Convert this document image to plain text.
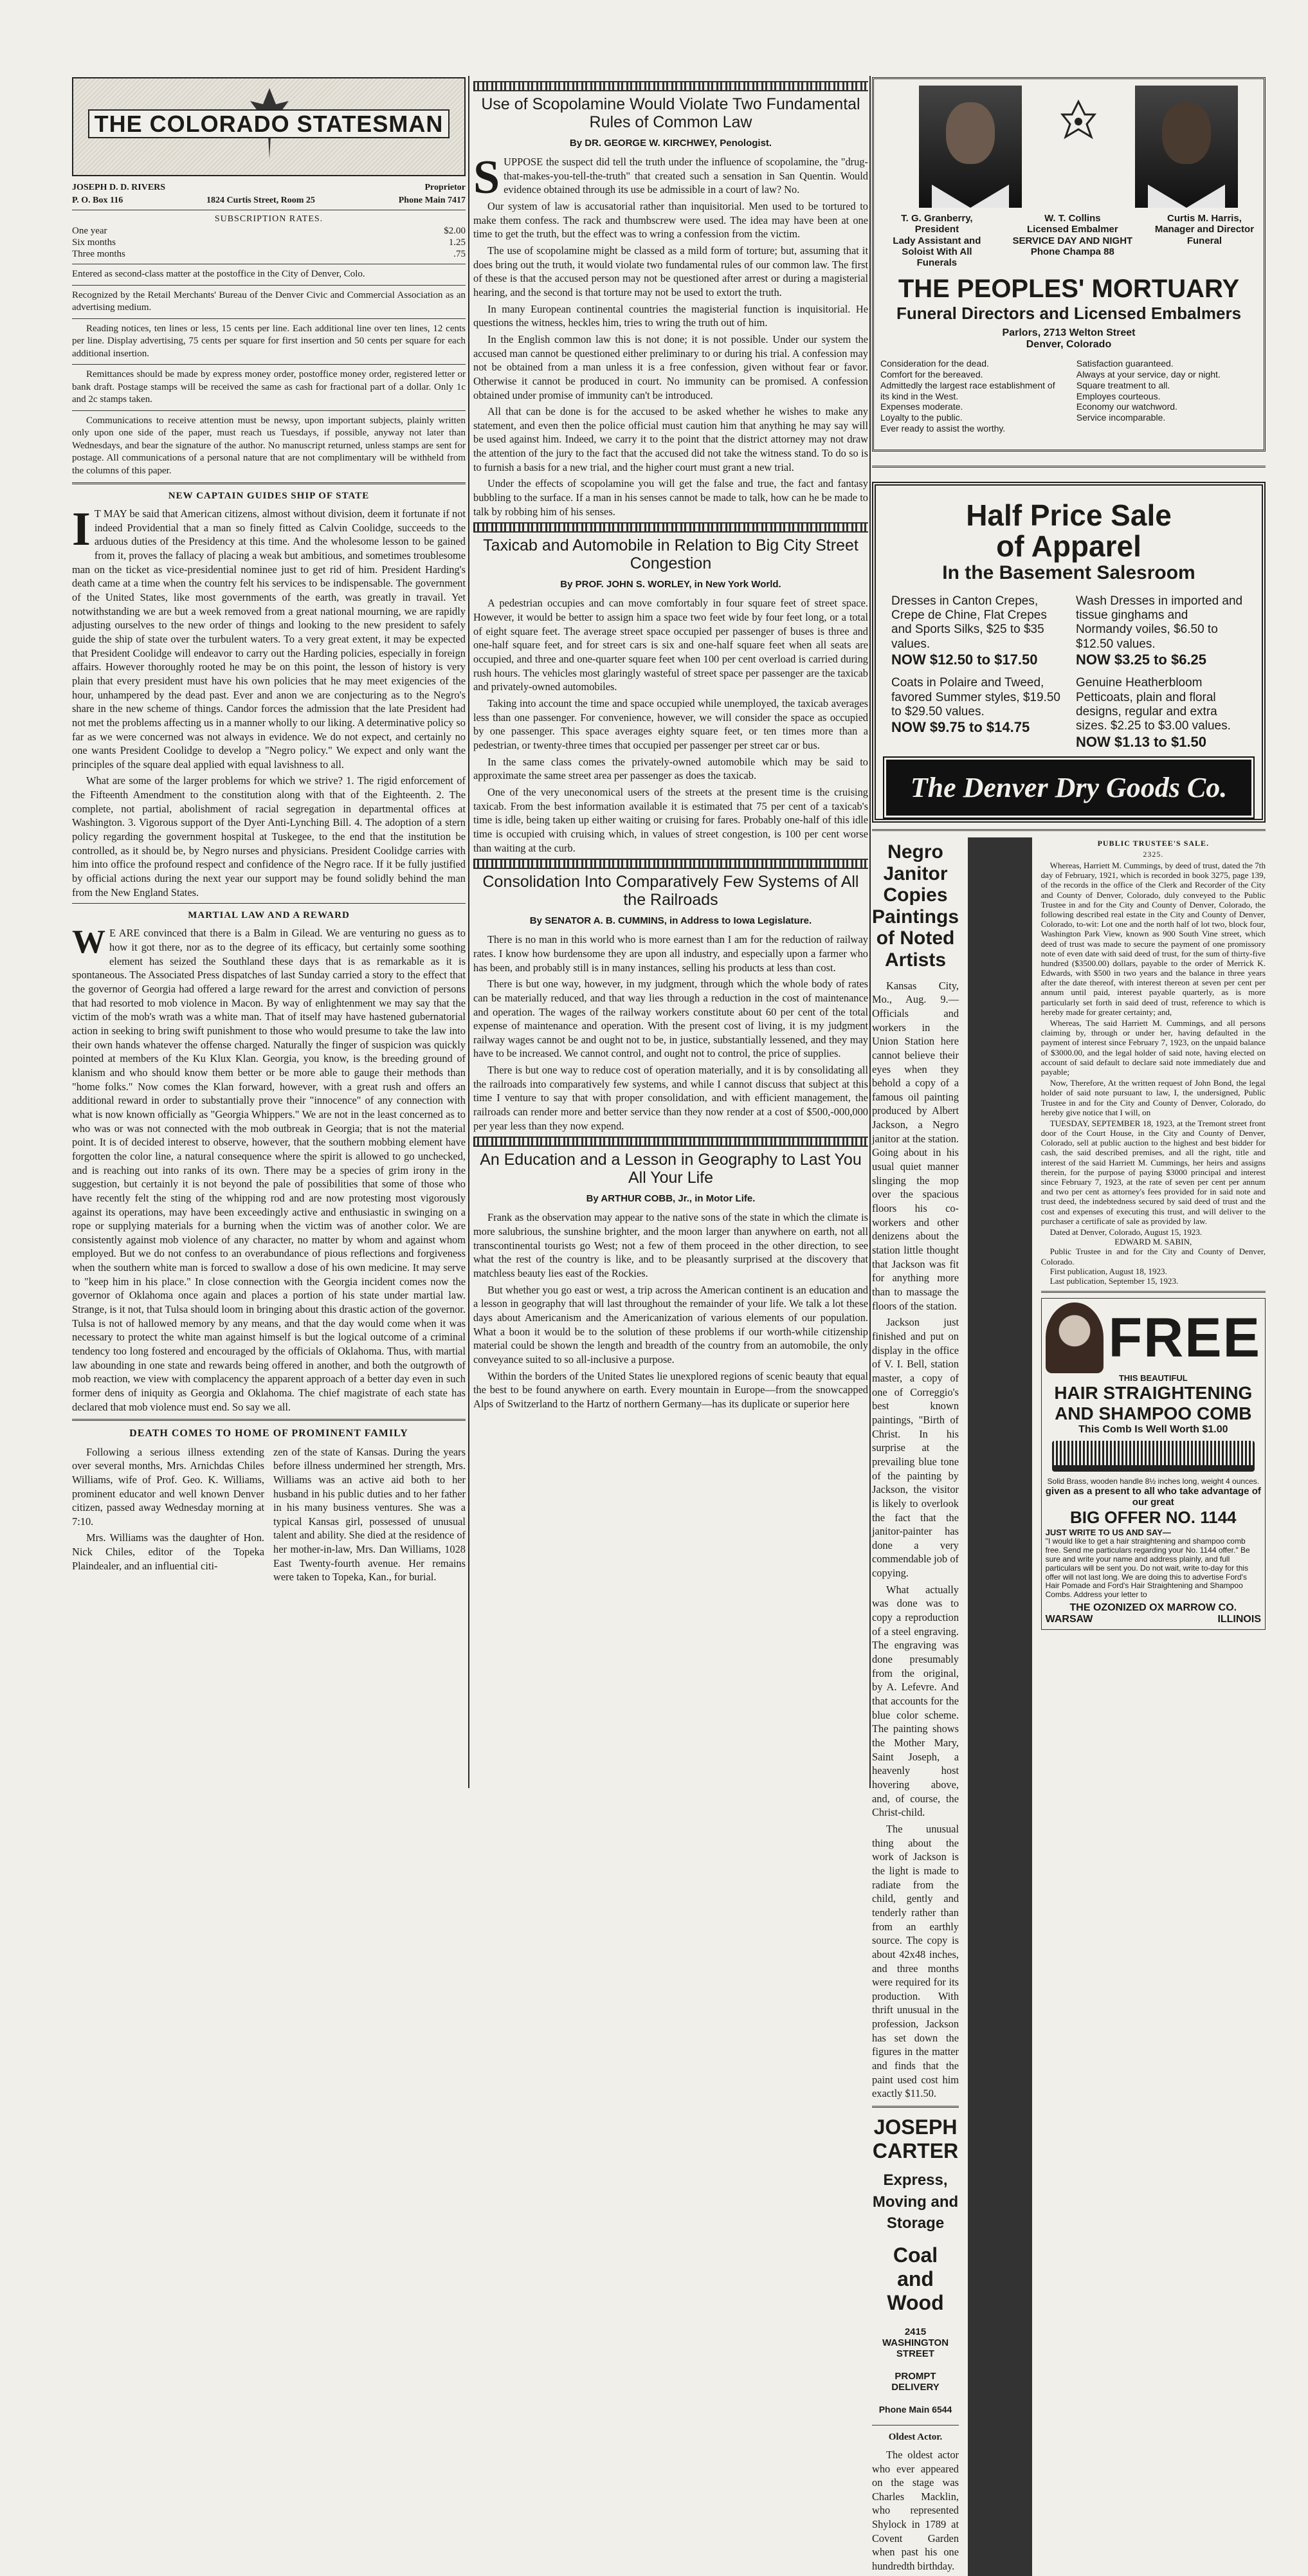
THE COLORADO STATESMAN
JOSEPH D. D. RIVERS	Proprietor
P. O. Box 116	1824 Curtis Street, Room 25	Phone Main 7417
SUBSCRIPTION RATES.
One year	$2.00
Six months	1.25
Three months	.75

Entered as second-class matter at the postoffice in the City of Denver, Colo.

Recognized by the Retail Merchants' Bureau of the Denver Civic and Commercial Association as an advertising medium.

Reading notices, ten lines or less, 15 cents per line. Each additional line over ten lines, 12 cents per line. Display advertising, 75 cents per square for first insertion and 50 cents per square for each additional insertion.

Remittances should be made by express money order, postoffice money order, registered letter or bank draft. Postage stamps will be received the same as cash for fractional part of a dollar. Only 1c and 2c stamps taken.

Communications to receive attention must be newsy, upon important subjects, plainly written only upon one side of the paper, must reach us Tuesdays, if possible, anyway not later than Wednesdays, and bear the signature of the author. No manuscript returned, unless stamps are sent for postage. All communications of a personal nature that are not complimentary will be withheld from the columns of this paper.

NEW CAPTAIN GUIDES SHIP OF STATE

I T MAY be said that American citizens, almost without division, deem it fortunate if not indeed Providential that a man so finely fitted as Calvin Coolidge, succeeds to the arduous duties of the Presidency at this time. And the wholesome lesson to be gained from it, proves the fallacy of placing a weak but ambitious, and sometimes troublesome man on the ticket as vice-presidential nominee just to get rid of him. President Harding's death came at a time when the country felt his services to be indispensable. The government of the United States, like most governments of the earth, was greatly in travail. Yet notwithstanding we are but a week removed from a great national mourning, we are rapidly adjusting ourselves to the new order of things and looking to the new president to safely guide the ship of state over the turbulent waters. To a very great extent, it may be expected that President Coolidge will endeavor to carry out the Harding policies, especially in foreign affairs. However thoroughly rooted he may be on this point, the lesson of history is very plain that every president must have his own policies that he may meet exigencies of the hour, unhampered by the dead past. Ever and anon we are conjecturing as to the Negro's share in the new scheme of things. Candor forces the admission that the late President had not met the problems affecting us in a manner wholly to our liking. A determinative policy so far as we were concerned was not always in evidence. We do not expect, and certainly no one wants President Coolidge to develop a "Negro policy." We expect and only want the principles of the square deal applied with equal lavishness to all.

What are some of the larger problems for which we strive? 1. The rigid enforcement of the Fifteenth Amendment to the constitution along with that of the Eighteenth. 2. The complete, not partial, abolishment of racial segregation in departmental offices at Washington. 3. Vigorous support of the Dyer Anti-Lynching Bill. 4. The adoption of a stern policy regarding the government hospital at Tuskegee, to the end that the institution be controlled, as it should be, by Negro nurses and physicians. President Coolidge carries with him into office the profound respect and confidence of the Negro race. If it be fully justified by official actions during the next year our support may be found solidly behind the man from the New England States.

MARTIAL LAW AND A REWARD

W E ARE convinced that there is a Balm in Gilead. We are venturing no guess as to how it got there, nor as to the degree of its efficacy, but certainly some soothing element has seized the Southland these days that is as remarkable as it is spontaneous. The Associated Press dispatches of last Sunday carried a story to the effect that the governor of Georgia had offered a large reward for the arrest and conviction of persons that had resorted to mob violence in Macon. By way of enlightenment we may say that the victim of the mob's wrath was a white man. That of itself may have hastened gubernatorial action in seeking to bring swift punishment to those who would presume to take the law into their own hands whatever the offense charged. Naturally the finger of suspicion was quickly pointed at members of the Ku Klux Klan. Georgia, you know, is the breeding ground of klanism and who should know them better or be more able to gauge their methods than "home folks." Now comes the Klan forward, however, with a great rush and offers an additional reward in order to substantially prove their "innocence" of any connection with what is now known officially as "Georgia Whippers." We are not in the least concerned as to who was or was not connected with the mob outbreak in Georgia; that is not the material point. It is of decided interest to observe, however, that the southern mobbing element have forgotten the color line, a natural consequence where the spirit is allowed to go unchecked, and is reaching out into ranks of its own. There may be a species of grim irony in the suggestion, but certainly it is not beyond the pale of possibilities that some of those who have recently felt the sting of the whipping rod and are now protesting most vigorously against its operations, may have been exceedingly active and enthusiastic in swinging on a rope or supplying materials for a burning when the victim was of another color. We are consistently against mob violence of any character, no matter by whom and against whom employed. But we do not confess to an overabundance of pious reflections and forgiveness when the southern white man is forced to swallow a dose of his own medicine. It may serve to "keep him in his place." In close connection with the Georgia incident comes now the governor of Oklahoma once again and places a portion of his state under martial law. Strange, is it not, that Tulsa should loom in bringing about this drastic action of the governor. Tulsa is not of hallowed memory by any means, and that the day would come when it was necessary to protect the white man against himself is but the logical outcome of a criminal tendency too long fostered and encouraged by the officials of Oklahoma. Thus, with martial law abounding in one state and rewards being offered in another, and both the outgrowth of mob reaction, we view with complacency the apparent approach of a better day even in such former dens of iniquity as Georgia and Oklahoma. The chief magistrate of each state has declared that mob violence must end. So say we all.

DEATH COMES TO HOME OF PROMINENT FAMILY

Following a serious illness extending over several months, Mrs. Arnichdas Chiles Williams, wife of Prof. Geo. K. Williams, prominent educator and well known Denver citizen, passed away Wednesday morning at 7:10.

Mrs. Williams was the daughter of Hon. Nick Chiles, editor of the Topeka Plaindealer, and an influential citi-

zen of the state of Kansas. During the years before illness undermined her strength, Mrs. Williams was an active aid both to her husband in his public duties and to her father in his many business ventures. She was a typical Kansas girl, possessed of unusual talent and ability. She died at the residence of her mother-in-law, Mrs. Dan Williams, 1028 East Twenty-fourth avenue. Her remains were taken to Topeka, Kan., for burial.

Use of Scopolamine Would Violate Two Fundamental Rules of Common Law
By DR. GEORGE W. KIRCHWEY, Penologist.

SUPPOSE the suspect did tell the truth under the influence of scopolamine, the "drug-that-makes-you-tell-the-truth" that created such a sensation in San Quentin. Would evidence obtained through its use be admissible in a court of law? No.

Our system of law is accusatorial rather than inquisitorial. Men used to be tortured to make them confess. The rack and thumbscrew were used. The idea may have been at one time to get the truth, but the effect was to wring a confession from the victim.

The use of scopolamine might be classed as a mild form of torture; but, assuming that it does bring out the truth, it would violate two fundamental rules of our common law. The first of these is that the accused person may not be questioned after arrest or during a magisterial hearing, and the second is that torture may not be used to extort the truth.

In many European continental countries the magisterial function is inquisitorial. He questions the witness, heckles him, tries to wring the truth out of him.

In the English common law this is not done; it is not possible. Under our system the accused man cannot be questioned either preliminary to or during his trial. A confession may not be obtained from a man unless it is a free confession, given without fear or favor. Otherwise it cannot be produced in court. No immunity can be promised. A confession obtained under promise of immunity can't be introduced.

All that can be done is for the accused to be asked whether he wishes to make any statement, and even then the police official must caution him that anything he may say will be used against him. Indeed, we carry it to the point that the district attorney may not draw the attention of the jury to the fact that the accused did not take the witness stand. To do so is to furnish a basis for a new trial, and the higher court must grant a new trial.

Under the effects of scopolamine you will get the false and true, the fact and fantasy bubbling to the surface. If a man in his senses cannot be made to talk, how can he be made to talk by robbing him of his senses.

Taxicab and Automobile in Relation to Big City Street Congestion
By PROF. JOHN S. WORLEY, in New York World.

A pedestrian occupies and can move comfortably in four square feet of street space. However, it would be better to assign him a space two feet wide by four feet long, or a total of eight square feet. The average street space occupied per passenger of buses is three and one-half square feet, and for street cars is six and one-half square feet when all seats are occupied, and three and one-quarter square feet when 100 per cent overload is carried during rush hours. The vehicles most glaringly wasteful of street space per passenger are the taxicab and privately-owned automobiles.

Taking into account the time and space occupied while unemployed, the taxicab averages less than one passenger. For convenience, however, we will consider the space as occupied by one passenger. This space averages eighty square feet, or ten times more than a pedestrian, or twenty-three times that occupied per passenger per street car or bus.

In the same class comes the privately-owned automobile which may be said to approximate the same street area per passenger as does the taxicab.

One of the very uneconomical users of the streets at the present time is the cruising taxicab. From the best information available it is estimated that 75 per cent of a taxicab's time is idle, being taken up either waiting or cruising for fares. Probably one-half of this idle time is occupied with cruising which, in values of street congestion, is 100 per cent worse than waiting at the curb.

Consolidation Into Comparatively Few Systems of All the Railroads
By SENATOR A. B. CUMMINS, in Address to Iowa Legislature.

There is no man in this world who is more earnest than I am for the reduction of railway rates. I know how burdensome they are upon all industry, and especially upon a farmer who has been, and probably still is in many instances, selling his products at less than cost.

There is but one way, however, in my judgment, through which the whole body of rates can be materially reduced, and that way lies through a reduction in the cost of maintenance and operation. The wages of the railway workers constitute about 60 per cent of the total expense of maintenance and operation. With the present cost of living, it is my judgment railway wages cannot be and ought not to be, in justice, substantially lessened, and they may have to be increased. We cannot control, and ought not to control, the price of supplies.

There is but one way to reduce cost of operation materially, and it is by consolidating all the railroads into comparatively few systems, and while I cannot discuss that subject at this time I venture to say that with proper consolidation, and with efficient management, the railroads can render more and better service than they now render at a cost of $500,-000,000 per year less than they now expend.

An Education and a Lesson in Geography to Last You All Your Life
By ARTHUR COBB, Jr., in Motor Life.

Frank as the observation may appear to the native sons of the state in which the climate is more salubrious, the sunshine brighter, and the moon larger than anywhere on earth, not all transcontinental tourists go West; not a few of them proceed in the other direction, to see what the rest of the country is like, and to be pleasantly surprised at the discovery that matchless beauty lies east of the Rockies.

But whether you go east or west, a trip across the American continent is an education and a lesson in geography that will last throughout the remainder of your life. We talk a lot these days about Americanism and the Americanization of various elements of our population. What a boon it would be to the solution of these problems if our worth-while citizenship material could be shown the length and breadth of the country from an automobile, the only conveyance suited to so all-inclusive a purpose.

Within the borders of the United States lie unexplored regions of scenic beauty that equal the best to be found anywhere on earth. Every mountain in Europe—from the snowcapped Alps of Switzerland to the Hartz of northern Germany—has its duplicate or superior here

T. G. Granberry,
President
Lady Assistant and Soloist With All Funerals
W. T. Collins
Licensed Embalmer
SERVICE DAY AND NIGHT
Phone Champa 88
Curtis M. Harris,
Manager and Director Funeral
THE PEOPLES' MORTUARY
Funeral Directors and Licensed Embalmers
Parlors, 2713 Welton Street
Denver, Colorado
Consideration for the dead.
Comfort for the bereaved.
Admittedly the largest race establishment of its kind in the West.
Expenses moderate.
Loyalty to the public.
Ever ready to assist the worthy.
Satisfaction guaranteed.
Always at your service, day or night.
Square treatment to all.
Employes courteous.
Economy our watchword.
Service incomparable.
Half Price Sale
of Apparel
In the Basement Salesroom
Dresses in Canton Crepes, Crepe de Chine, Flat Crepes and Sports Silks, $25 to $35 values.
NOW $12.50 to $17.50
Coats in Polaire and Tweed, favored Summer styles, $19.50 to $29.50 values.
NOW $9.75 to $14.75
Wash Dresses in imported and tissue ginghams and Normandy voiles, $6.50 to $12.50 values.
NOW $3.25 to $6.25
Genuine Heatherbloom Petticoats, plain and floral designs, regular and extra sizes. $2.25 to $3.00 values.
NOW $1.13 to $1.50
The Denver Dry Goods Co.
Negro Janitor Copies Paintings of Noted Artists

Kansas City, Mo., Aug. 9.—Officials and workers in the Union Station here cannot believe their eyes when they behold a copy of a famous oil painting produced by Albert Jackson, a Negro janitor at the station. Going about in his usual quiet manner slinging the mop over the spacious floors his co-workers and other denizens about the station little thought that Jackson was fit for anything more than to massage the floors of the station.

Jackson just finished and put on display in the office of V. I. Bell, station master, a copy of one of Correggio's best known paintings, "Birth of Christ. In his surprise at the prevailing blue tone of the painting by Jackson, the visitor is likely to overlook the fact that the janitor-painter has done a very commendable job of copying.

What actually was done was to copy a reproduction of a steel engraving. The engraving was done presumably from the original, by A. Lefevre. And that accounts for the blue color scheme. The painting shows the Mother Mary, Saint Joseph, a heavenly host hovering above, and, of course, the Christ-child.

The unusual thing about the work of Jackson is the light is made to radiate from the child, gently and tenderly rather than from an earthly source. The copy is about 42x48 inches, and three months were required for its production. With thrift unusual in the profession, Jackson has set down the figures in the matter and finds that the paint used cost him exactly $11.50.

JOSEPH CARTER
Express, Moving and Storage
Coal and Wood
2415 WASHINGTON STREET
PROMPT DELIVERY
Phone Main 6544
Oldest Actor.

The oldest actor who ever appeared on the stage was Charles Macklin, who represented Shylock in 1789 at Covent Garden when past his one hundredth birthday.

PUBLIC TRUSTEE'S SALE.
2325.

Whereas, Harriett M. Cummings, by deed of trust, dated the 7th day of February, 1921, which is recorded in book 3275, page 139, of the records in the office of the Clerk and Recorder of the City and County of Denver, Colorado, duly conveyed to the Public Trustee in and for the City and County of Denver, Colorado, the following described real estate in the City and County of Denver, Colorado, to-wit: Lot one and the north half of lot two, block four, Washington Park View, known as 900 South Vine street, which deed of trust was made to secure the payment of one promissory note of even date with said deed of trust, for the sum of thirty-five hundred ($3500.00) dollars, payable to the order of Merrick K. Edwards, with $500 in two years and the balance in three years after the date thereof, with interest thereon at seven per cent per annum until paid, interest payable quarterly, as is more particularly set forth in said deed of trust, reference to which is hereby made for greater certainty; and,

Whereas, The said Harriett M. Cummings, and all persons claiming by, through or under her, having defaulted in the payment of interest since February 7, 1923, on the unpaid balance of $3000.00, and the legal holder of said note, having elected on account of said default to declare said note immediately due and payable;

Now, Therefore, At the written request of John Bond, the legal holder of said note pursuant to law, I, the undersigned, Public Trustee in and for the City and County of Denver, Colorado, do hereby give notice that I will, on

TUESDAY, SEPTEMBER 18, 1923, at the Tremont street front door of the Court House, in the City and County of Denver, Colorado, sell at public auction to the highest and best bidder for cash, the said described premises, and all the right, title and interest of the said Harriett M. Cummings, her heirs and assigns therein, for the purpose of paying $3000 principal and interest since February 7, 1923, at the rate of seven per cent per annum and two per cent as attorney's fees provided for in said note and trust deed, the indebtedness secured by said deed of trust and the cost and expenses of executing this trust, and will deliver to the purchaser a certificate of sale as provided by law.

Dated at Denver, Colorado, August 15, 1923.

EDWARD M. SABIN,

Public Trustee in and for the City and County of Denver, Colorado.

First publication, August 18, 1923.

Last publication, September 15, 1923.

FREE
THIS BEAUTIFUL
HAIR STRAIGHTENING
AND SHAMPOO COMB
This Comb Is Well Worth $1.00
Solid Brass, wooden handle 8½ inches long, weight 4 ounces.
given as a present to all who take advantage of our great
BIG OFFER NO. 1144
JUST WRITE TO US AND SAY—
"I would like to get a hair straightening and shampoo comb free. Send me particulars regarding your No. 1144 offer." Be sure and write your name and address plainly, and full particulars will be sent you. Do not wait, write to-day for this offer will not last long. We are doing this to advertise Ford's Hair Pomade and Ford's Hair Straightening and Shampoo Combs. Address your letter to
THE OZONIZED OX MARROW CO.
WARSAW	ILLINOIS
